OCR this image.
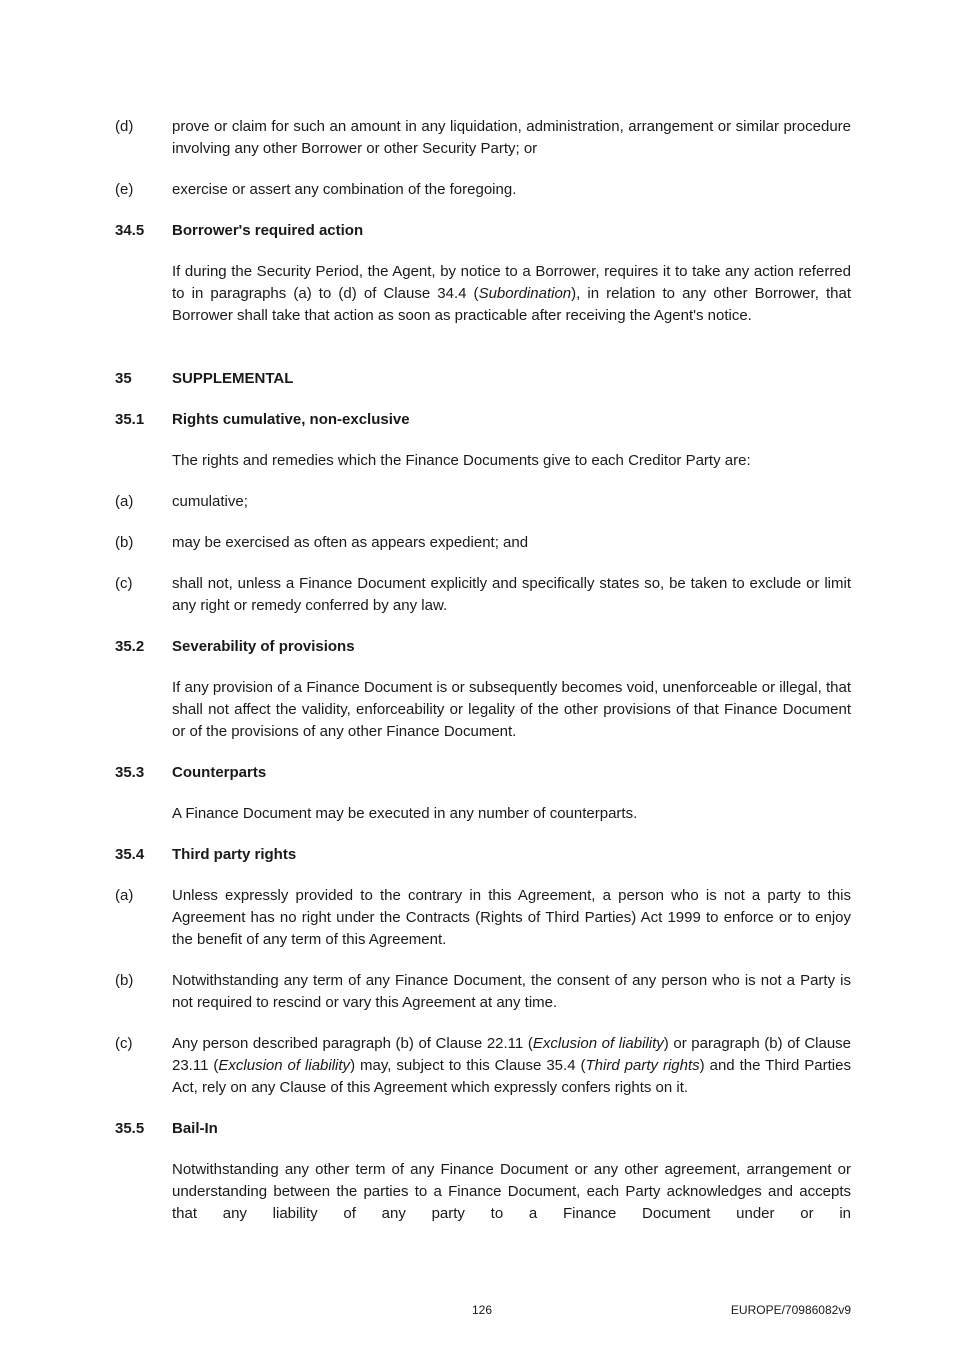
(d)	prove or claim for such an amount in any liquidation, administration, arrangement or similar procedure involving any other Borrower or other Security Party; or
(e)	exercise or assert any combination of the foregoing.
34.5	Borrower's required action
If during the Security Period, the Agent, by notice to a Borrower, requires it to take any action referred to in paragraphs (a) to (d) of Clause 34.4 (Subordination), in relation to any other Borrower, that Borrower shall take that action as soon as practicable after receiving the Agent's notice.
35	SUPPLEMENTAL
35.1	Rights cumulative, non-exclusive
The rights and remedies which the Finance Documents give to each Creditor Party are:
(a)	cumulative;
(b)	may be exercised as often as appears expedient; and
(c)	shall not, unless a Finance Document explicitly and specifically states so, be taken to exclude or limit any right or remedy conferred by any law.
35.2	Severability of provisions
If any provision of a Finance Document is or subsequently becomes void, unenforceable or illegal, that shall not affect the validity, enforceability or legality of the other provisions of that Finance Document or of the provisions of any other Finance Document.
35.3	Counterparts
A Finance Document may be executed in any number of counterparts.
35.4	Third party rights
(a)	Unless expressly provided to the contrary in this Agreement, a person who is not a party to this Agreement has no right under the Contracts (Rights of Third Parties) Act 1999 to enforce or to enjoy the benefit of any term of this Agreement.
(b)	Notwithstanding any term of any Finance Document, the consent of any person who is not a Party is not required to rescind or vary this Agreement at any time.
(c)	Any person described paragraph (b) of Clause 22.11 (Exclusion of liability) or paragraph (b) of Clause 23.11 (Exclusion of liability) may, subject to this Clause 35.4 (Third party rights) and the Third Parties Act, rely on any Clause of this Agreement which expressly confers rights on it.
35.5	Bail-In
Notwithstanding any other term of any Finance Document or any other agreement, arrangement or understanding between the parties to a Finance Document, each Party acknowledges and accepts that any liability of any party to a Finance Document under or in
126	EUROPE/70986082v9
